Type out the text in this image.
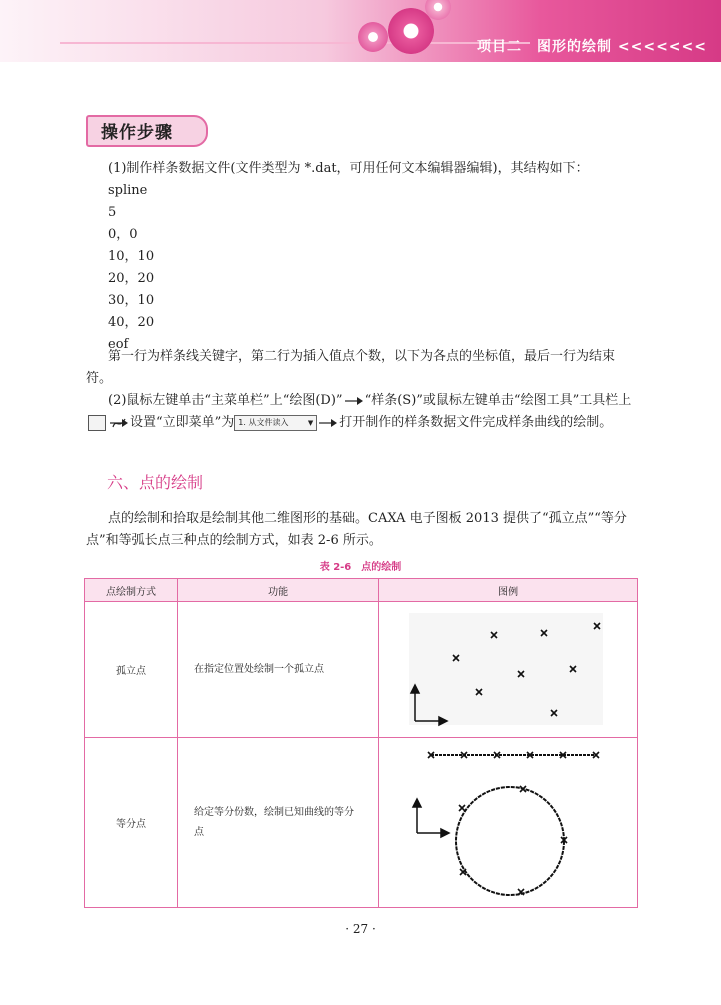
项目二　图形的绘制 <<<<<<<
操作步骤
(1)制作样条数据文件(文件类型为 *.dat，可用任何文本编辑器编辑)，其结构如下：
spline
5
0，0
10，10
20，20
30，10
40，20
eof
第一行为样条线关键字，第二行为插入值点个数，以下为各点的坐标值，最后一行为结束符。
(2)鼠标左键单击“主菜单栏”上“绘图(D)” “样条(S)”或鼠标左键单击“绘图工具”工具栏上设置“立即菜单”为 1. 从文件读入	▼ 打开制作的样条数据文件完成样条曲线的绘制。
六、点的绘制
点的绘制和拾取是绘制其他二维图形的基础。CAXA 电子图板 2013 提供了“孤立点”“等分点”和等弧长点三种点的绘制方式，如表 2-6 所示。
表 2-6　点的绘制
点绘制方式	功能	图例
孤立点	在指定位置处绘制一个孤立点	

等分点	给定等分份数，绘制已知曲线的等分点	
· 27 ·
